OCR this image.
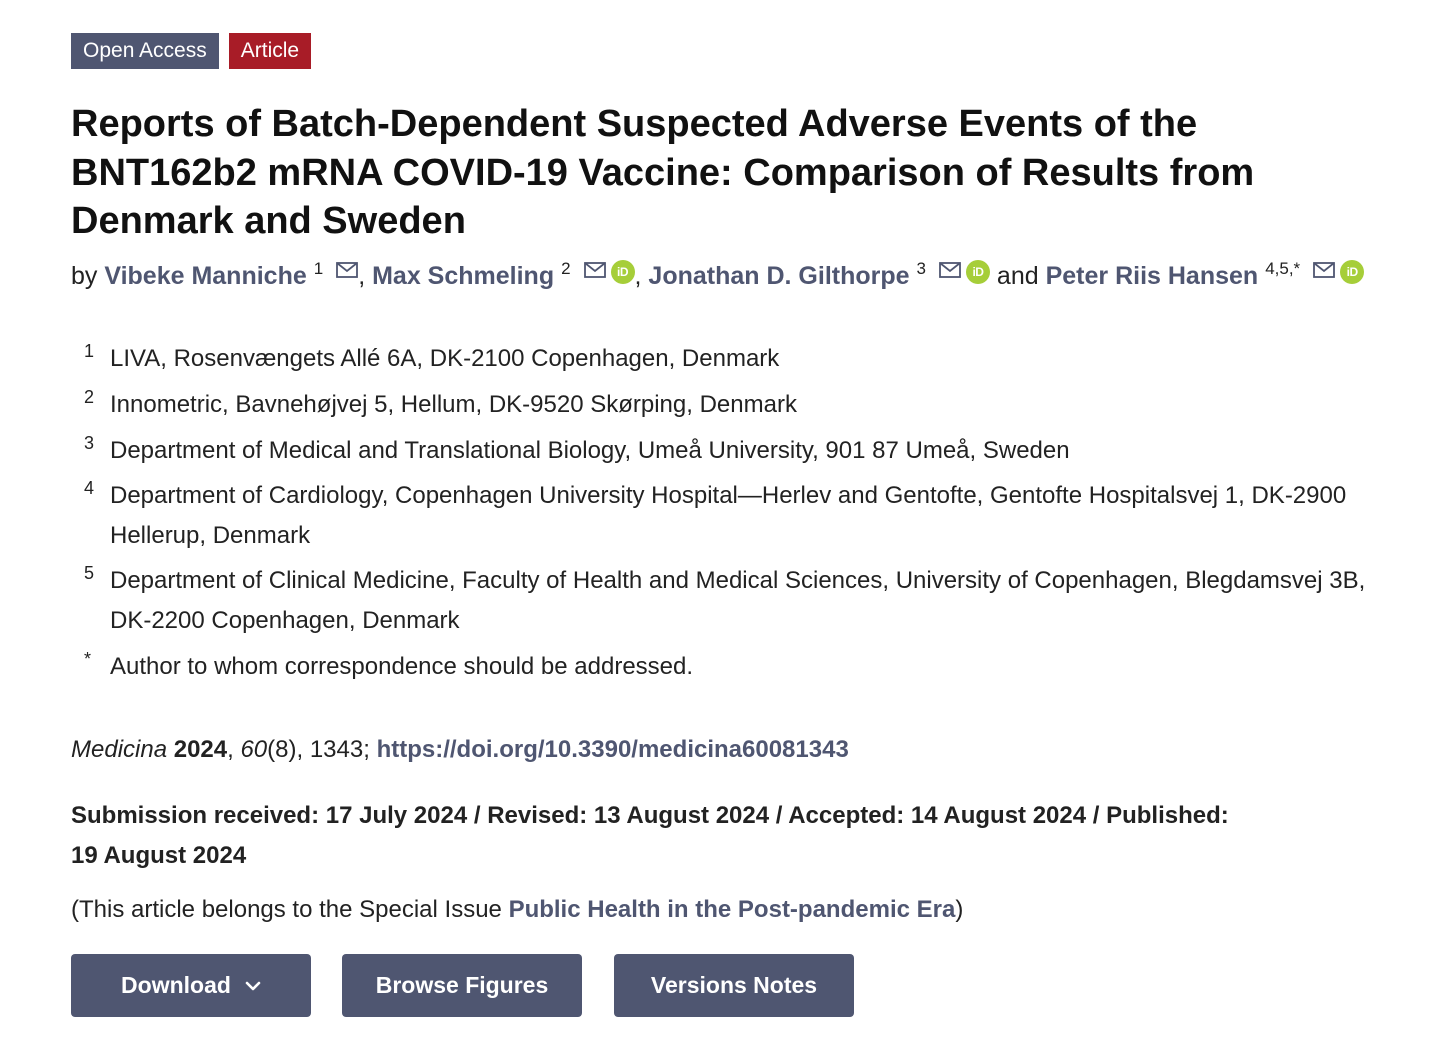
Open Access	Article
Reports of Batch-Dependent Suspected Adverse Events of the BNT162b2 mRNA COVID-19 Vaccine: Comparison of Results from Denmark and Sweden
by Vibeke Manniche $^1$ , Max Schmeling $^2$	iD , Jonathan D. Gilthorpe $^3$	iD and Peter Riis Hansen $^{4,5,*}$	iD
1 LIVA, Rosenvængets Allé 6A, DK-2100 Copenhagen, Denmark
2 Innometric, Bavnehøjvej 5, Hellum, DK-9520 Skørping, Denmark
3 Department of Medical and Translational Biology, Umeå University, 901 87 Umeå, Sweden
4 Department of Cardiology, Copenhagen University Hospital—Herlev and Gentofte, Gentofte Hospitalsvej 1, DK-2900 Hellerup, Denmark
5 Department of Clinical Medicine, Faculty of Health and Medical Sciences, University of Copenhagen, Blegdamsvej 3B, DK-2200 Copenhagen, Denmark
* Author to whom correspondence should be addressed.
Medicina 2024, 60(8), 1343; https://doi.org/10.3390/medicina60081343
Submission received: 17 July 2024 / Revised: 13 August 2024 / Accepted: 14 August 2024 / Published: 19 August 2024
(This article belongs to the Special Issue Public Health in the Post-pandemic Era)
Download	Browse Figures	Versions Notes
